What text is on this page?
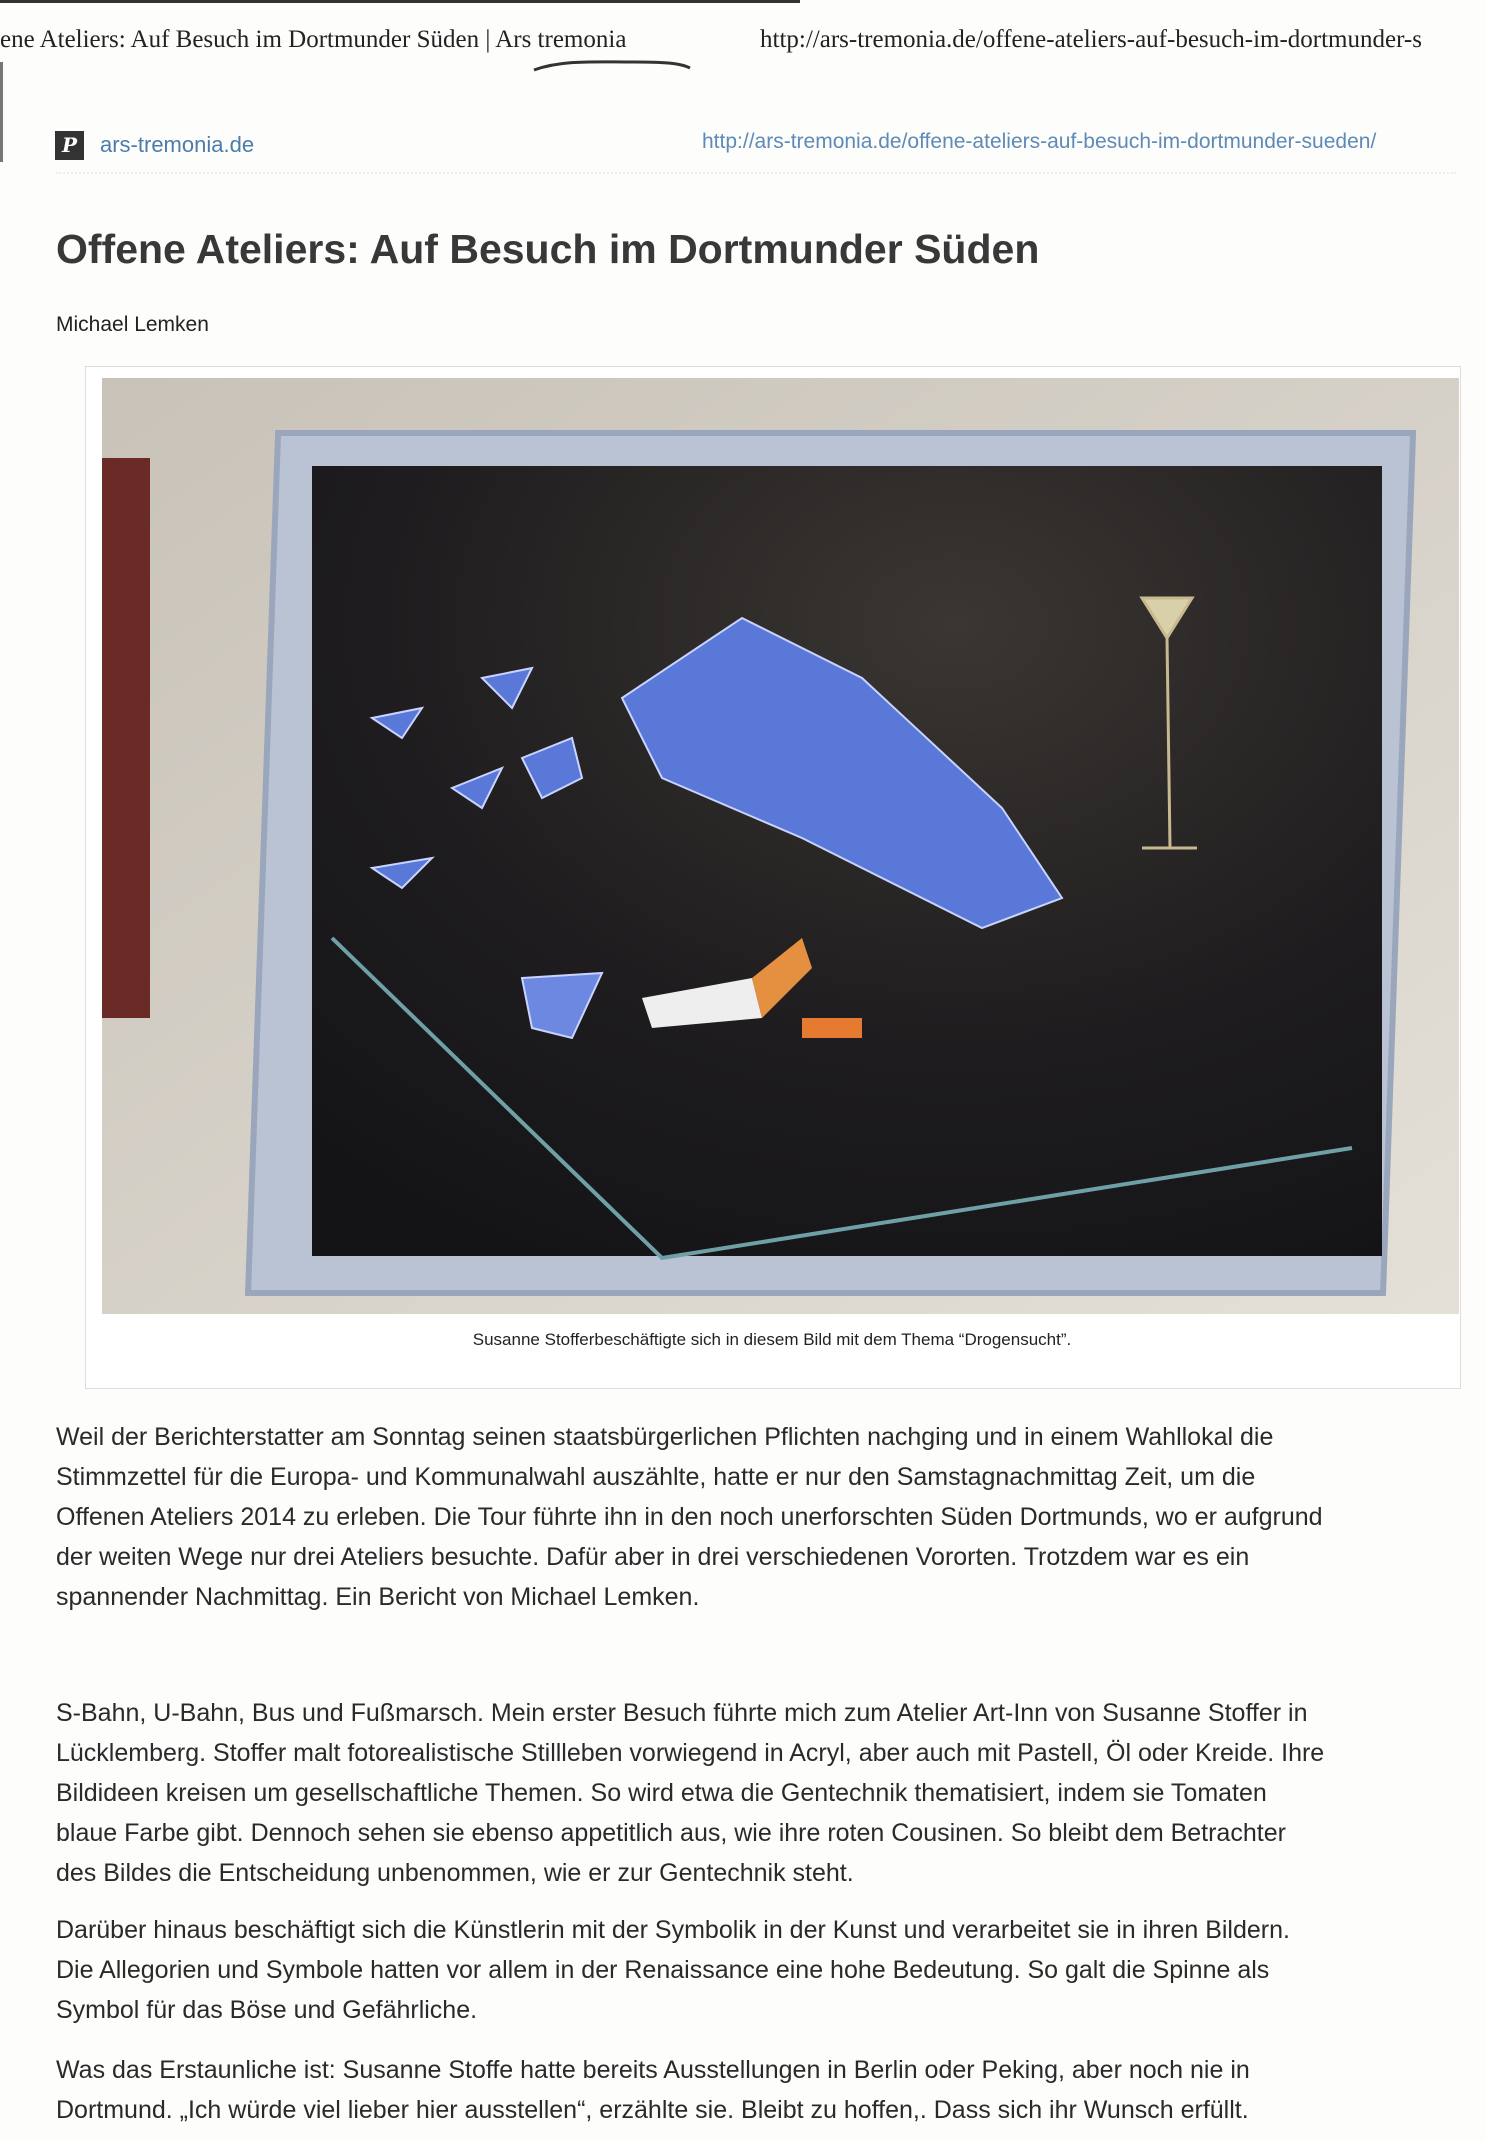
ene Ateliers: Auf Besuch im Dortmunder Süden | Ars tremonia	http://ars-tremonia.de/offene-ateliers-auf-besuch-im-dortmunder-s
P	ars-tremonia.de	http://ars-tremonia.de/offene-ateliers-auf-besuch-im-dortmunder-sueden/
Offene Ateliers: Auf Besuch im Dortmunder Süden
Michael Lemken
Susanne Stofferbeschäftigte sich in diesem Bild mit dem Thema “Drogensucht”.
Weil der Berichterstatter am Sonntag seinen staatsbürgerlichen Pflichten nachging und in einem Wahllokal die
Stimmzettel für die Europa- und Kommunalwahl auszählte, hatte er nur den Samstagnachmittag Zeit, um die
Offenen Ateliers 2014 zu erleben. Die Tour führte ihn in den noch unerforschten Süden Dortmunds, wo er aufgrund
der weiten Wege nur drei Ateliers besuchte. Dafür aber in drei verschiedenen Vororten. Trotzdem war es ein
spannender Nachmittag. Ein Bericht von Michael Lemken.
S-Bahn, U-Bahn, Bus und Fußmarsch. Mein erster Besuch führte mich zum Atelier Art-Inn von Susanne Stoffer in
Lücklemberg. Stoffer malt fotorealistische Stillleben vorwiegend in Acryl, aber auch mit Pastell, Öl oder Kreide. Ihre
Bildideen kreisen um gesellschaftliche Themen. So wird etwa die Gentechnik thematisiert, indem sie Tomaten
blaue Farbe gibt. Dennoch sehen sie ebenso appetitlich aus, wie ihre roten Cousinen. So bleibt dem Betrachter
des Bildes die Entscheidung unbenommen, wie er zur Gentechnik steht.
Darüber hinaus beschäftigt sich die Künstlerin mit der Symbolik in der Kunst und verarbeitet sie in ihren Bildern.
Die Allegorien und Symbole hatten vor allem in der Renaissance eine hohe Bedeutung. So galt die Spinne als
Symbol für das Böse und Gefährliche.
Was das Erstaunliche ist: Susanne Stoffe hatte bereits Ausstellungen in Berlin oder Peking, aber noch nie in
Dortmund. „Ich würde viel lieber hier ausstellen“, erzählte sie. Bleibt zu hoffen,. Dass sich ihr Wunsch erfüllt.
